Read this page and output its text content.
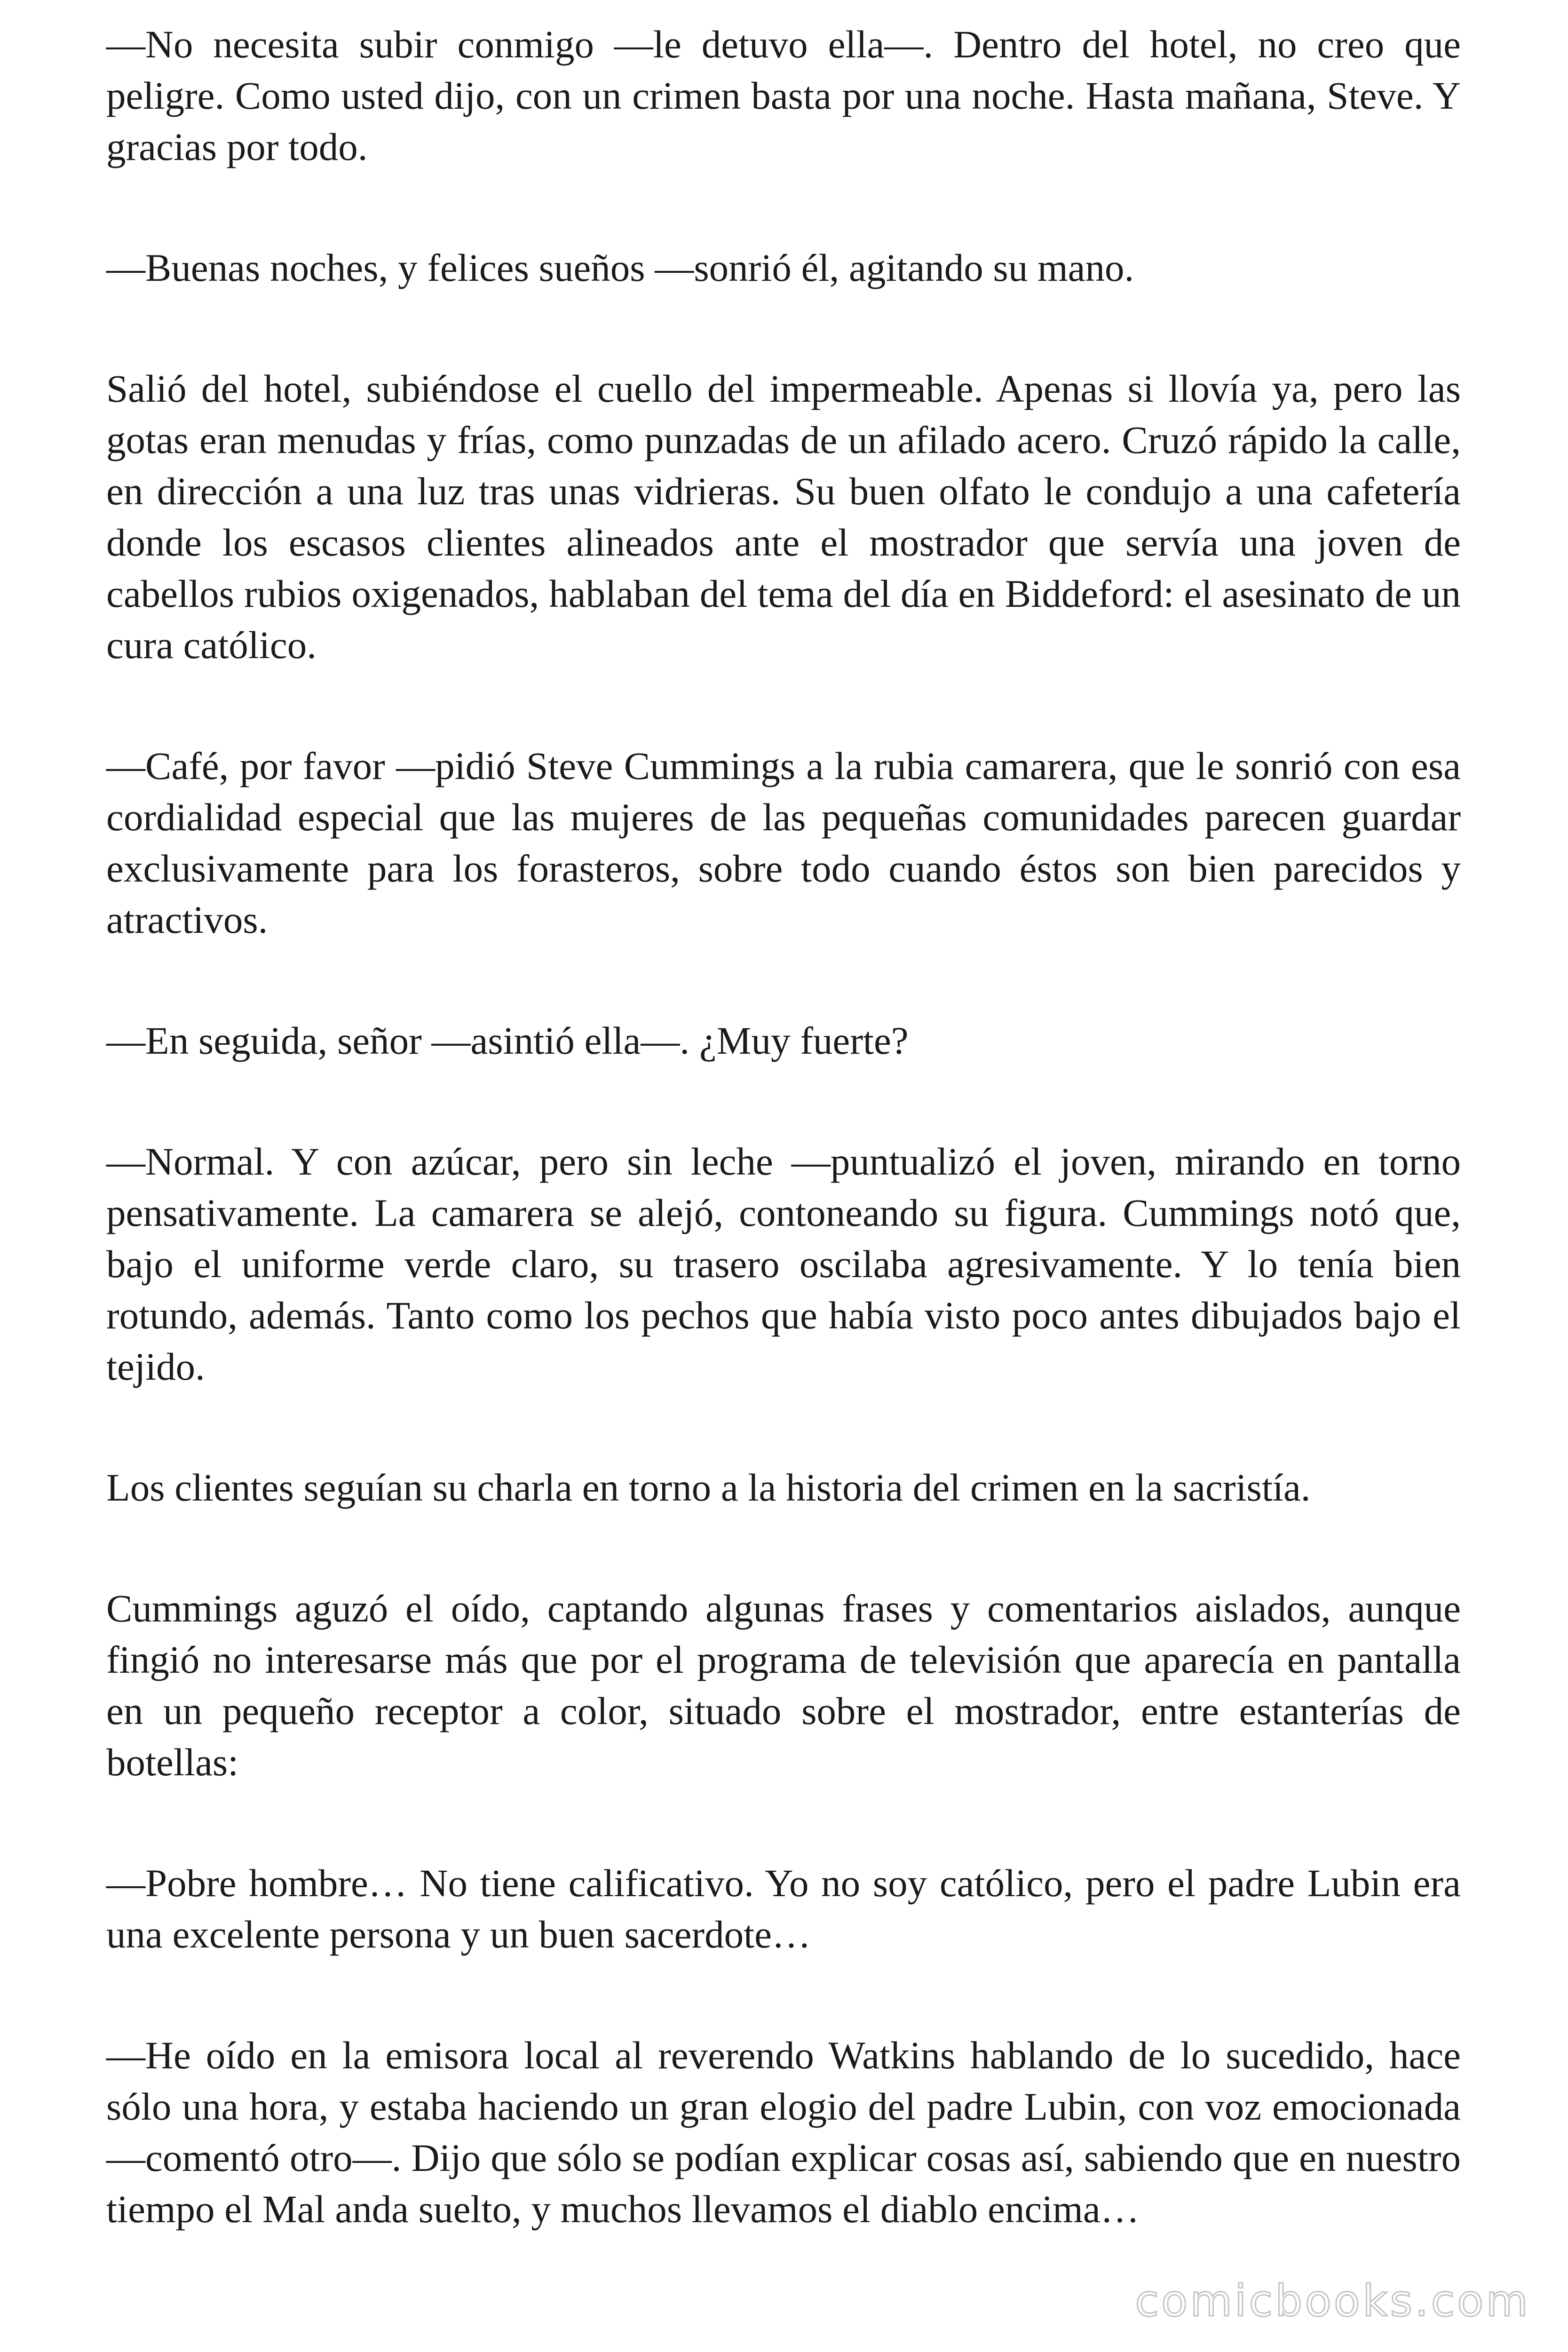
—No necesita subir conmigo —le detuvo ella—. Dentro del hotel, no creo que peligre. Como usted dijo, con un crimen basta por una noche. Hasta mañana, Steve. Y gracias por todo.

—Buenas noches, y felices sueños —sonrió él, agitando su mano.

Salió del hotel, subiéndose el cuello del impermeable. Apenas si llovía ya, pero las gotas eran menudas y frías, como punzadas de un afilado acero. Cruzó rápido la calle, en dirección a una luz tras unas vidrieras. Su buen olfato le condujo a una cafetería donde los escasos clientes alineados ante el mostrador que servía una joven de cabellos rubios oxigenados, hablaban del tema del día en Biddeford: el asesinato de un cura católico.

—Café, por favor —pidió Steve Cummings a la rubia camarera, que le sonrió con esa cordialidad especial que las mujeres de las pequeñas comunidades parecen guardar exclusivamente para los forasteros, sobre todo cuando éstos son bien parecidos y atractivos.

—En seguida, señor —asintió ella—. ¿Muy fuerte?

—Normal. Y con azúcar, pero sin leche —puntualizó el joven, mirando en torno pensativamente. La camarera se alejó, contoneando su figura. Cummings notó que, bajo el uniforme verde claro, su trasero oscilaba agresivamente. Y lo tenía bien rotundo, además. Tanto como los pechos que había visto poco antes dibujados bajo el tejido.

Los clientes seguían su charla en torno a la historia del crimen en la sacristía.

Cummings aguzó el oído, captando algunas frases y comentarios aislados, aunque fingió no interesarse más que por el programa de televisión que aparecía en pantalla en un pequeño receptor a color, situado sobre el mostrador, entre estanterías de botellas:

—Pobre hombre… No tiene calificativo. Yo no soy católico, pero el padre Lubin era una excelente persona y un buen sacerdote…

—He oído en la emisora local al reverendo Watkins hablando de lo sucedido, hace sólo una hora, y estaba haciendo un gran elogio del padre Lubin, con voz emocionada —comentó otro—. Dijo que sólo se podían explicar cosas así, sabiendo que en nuestro tiempo el Mal anda suelto, y muchos llevamos el diablo encima…

comicbooks.com
